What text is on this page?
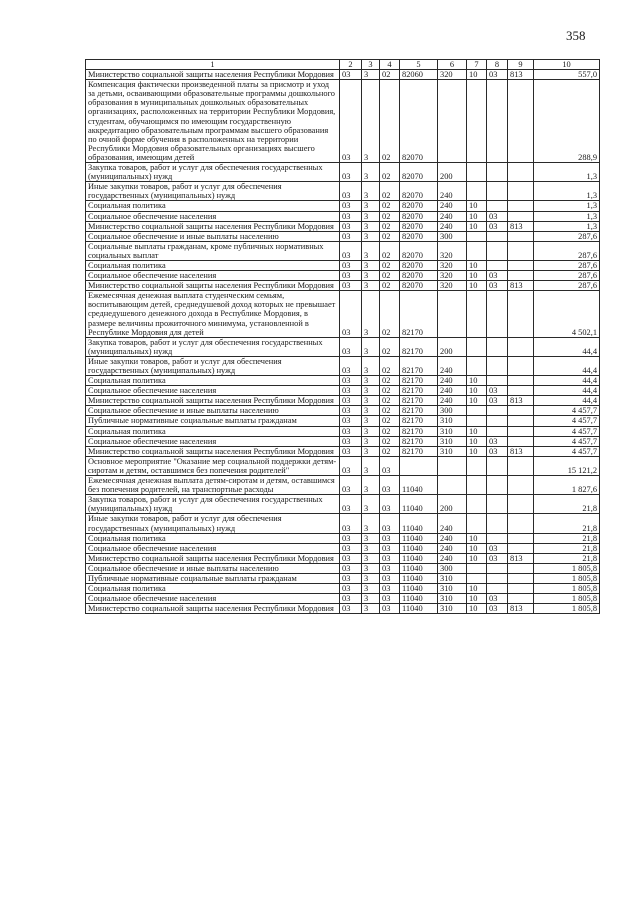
358
1	2	3	4	5	6	7	8	9	10
Министерство социальной защиты населения Республики Мордовия	03	3	02	82060	320	10	03	813	557,0
Компенсация фактически произведенной платы за присмотр и уход за детьми, осваивающими образовательные программы дошкольного образования в муниципальных дошкольных образовательных организациях, расположенных на территории Республики Мордовия, студентам, обучающимся по имеющим государственную аккредитацию образовательным программам высшего образования по очной форме обучения в расположенных на территории Республики Мордовия образовательных организациях высшего образования, имеющим детей	03	3	02	82070					288,9
Закупка товаров, работ и услуг для обеспечения государственных (муниципальных) нужд	03	3	02	82070	200				1,3
Иные закупки товаров, работ и услуг для обеспечения государственных (муниципальных) нужд	03	3	02	82070	240				1,3
Социальная политика	03	3	02	82070	240	10			1,3
Социальное обеспечение населения	03	3	02	82070	240	10	03		1,3
Министерство социальной защиты населения Республики Мордовия	03	3	02	82070	240	10	03	813	1,3
Социальное обеспечение и иные выплаты населению	03	3	02	82070	300				287,6
Социальные выплаты гражданам, кроме публичных нормативных социальных выплат	03	3	02	82070	320				287,6
Социальная политика	03	3	02	82070	320	10			287,6
Социальное обеспечение населения	03	3	02	82070	320	10	03		287,6
Министерство социальной защиты населения Республики Мордовия	03	3	02	82070	320	10	03	813	287,6
Ежемесячная денежная выплата студенческим семьям, воспитывающим детей, среднедушевой доход которых не превышает среднедушевого денежного дохода в Республике Мордовия, в размере величины прожиточного минимума, установленной в Республике Мордовия для детей	03	3	02	82170					4 502,1
Закупка товаров, работ и услуг для обеспечения государственных (муниципальных) нужд	03	3	02	82170	200				44,4
Иные закупки товаров, работ и услуг для обеспечения государственных (муниципальных) нужд	03	3	02	82170	240				44,4
Социальная политика	03	3	02	82170	240	10			44,4
Социальное обеспечение населения	03	3	02	82170	240	10	03		44,4
Министерство социальной защиты населения Республики Мордовия	03	3	02	82170	240	10	03	813	44,4
Социальное обеспечение и иные выплаты населению	03	3	02	82170	300				4 457,7
Публичные нормативные социальные выплаты гражданам	03	3	02	82170	310				4 457,7
Социальная политика	03	3	02	82170	310	10			4 457,7
Социальное обеспечение населения	03	3	02	82170	310	10	03		4 457,7
Министерство социальной защиты населения Республики Мордовия	03	3	02	82170	310	10	03	813	4 457,7
Основное мероприятие "Оказание мер социальной поддержки детям-сиротам и детям, оставшимся без попечения родителей"	03	3	03						15 121,2
Ежемесячная денежная выплата детям-сиротам и детям, оставшимся без попечения родителей, на транспортные расходы	03	3	03	11040					1 827,6
Закупка товаров, работ и услуг для обеспечения государственных (муниципальных) нужд	03	3	03	11040	200				21,8
Иные закупки товаров, работ и услуг для обеспечения государственных (муниципальных) нужд	03	3	03	11040	240				21,8
Социальная политика	03	3	03	11040	240	10			21,8
Социальное обеспечение населения	03	3	03	11040	240	10	03		21,8
Министерство социальной защиты населения Республики Мордовия	03	3	03	11040	240	10	03	813	21,8
Социальное обеспечение и иные выплаты населению	03	3	03	11040	300				1 805,8
Публичные нормативные социальные выплаты гражданам	03	3	03	11040	310				1 805,8
Социальная политика	03	3	03	11040	310	10			1 805,8
Социальное обеспечение населения	03	3	03	11040	310	10	03		1 805,8
Министерство социальной защиты населения Республики Мордовия	03	3	03	11040	310	10	03	813	1 805,8
